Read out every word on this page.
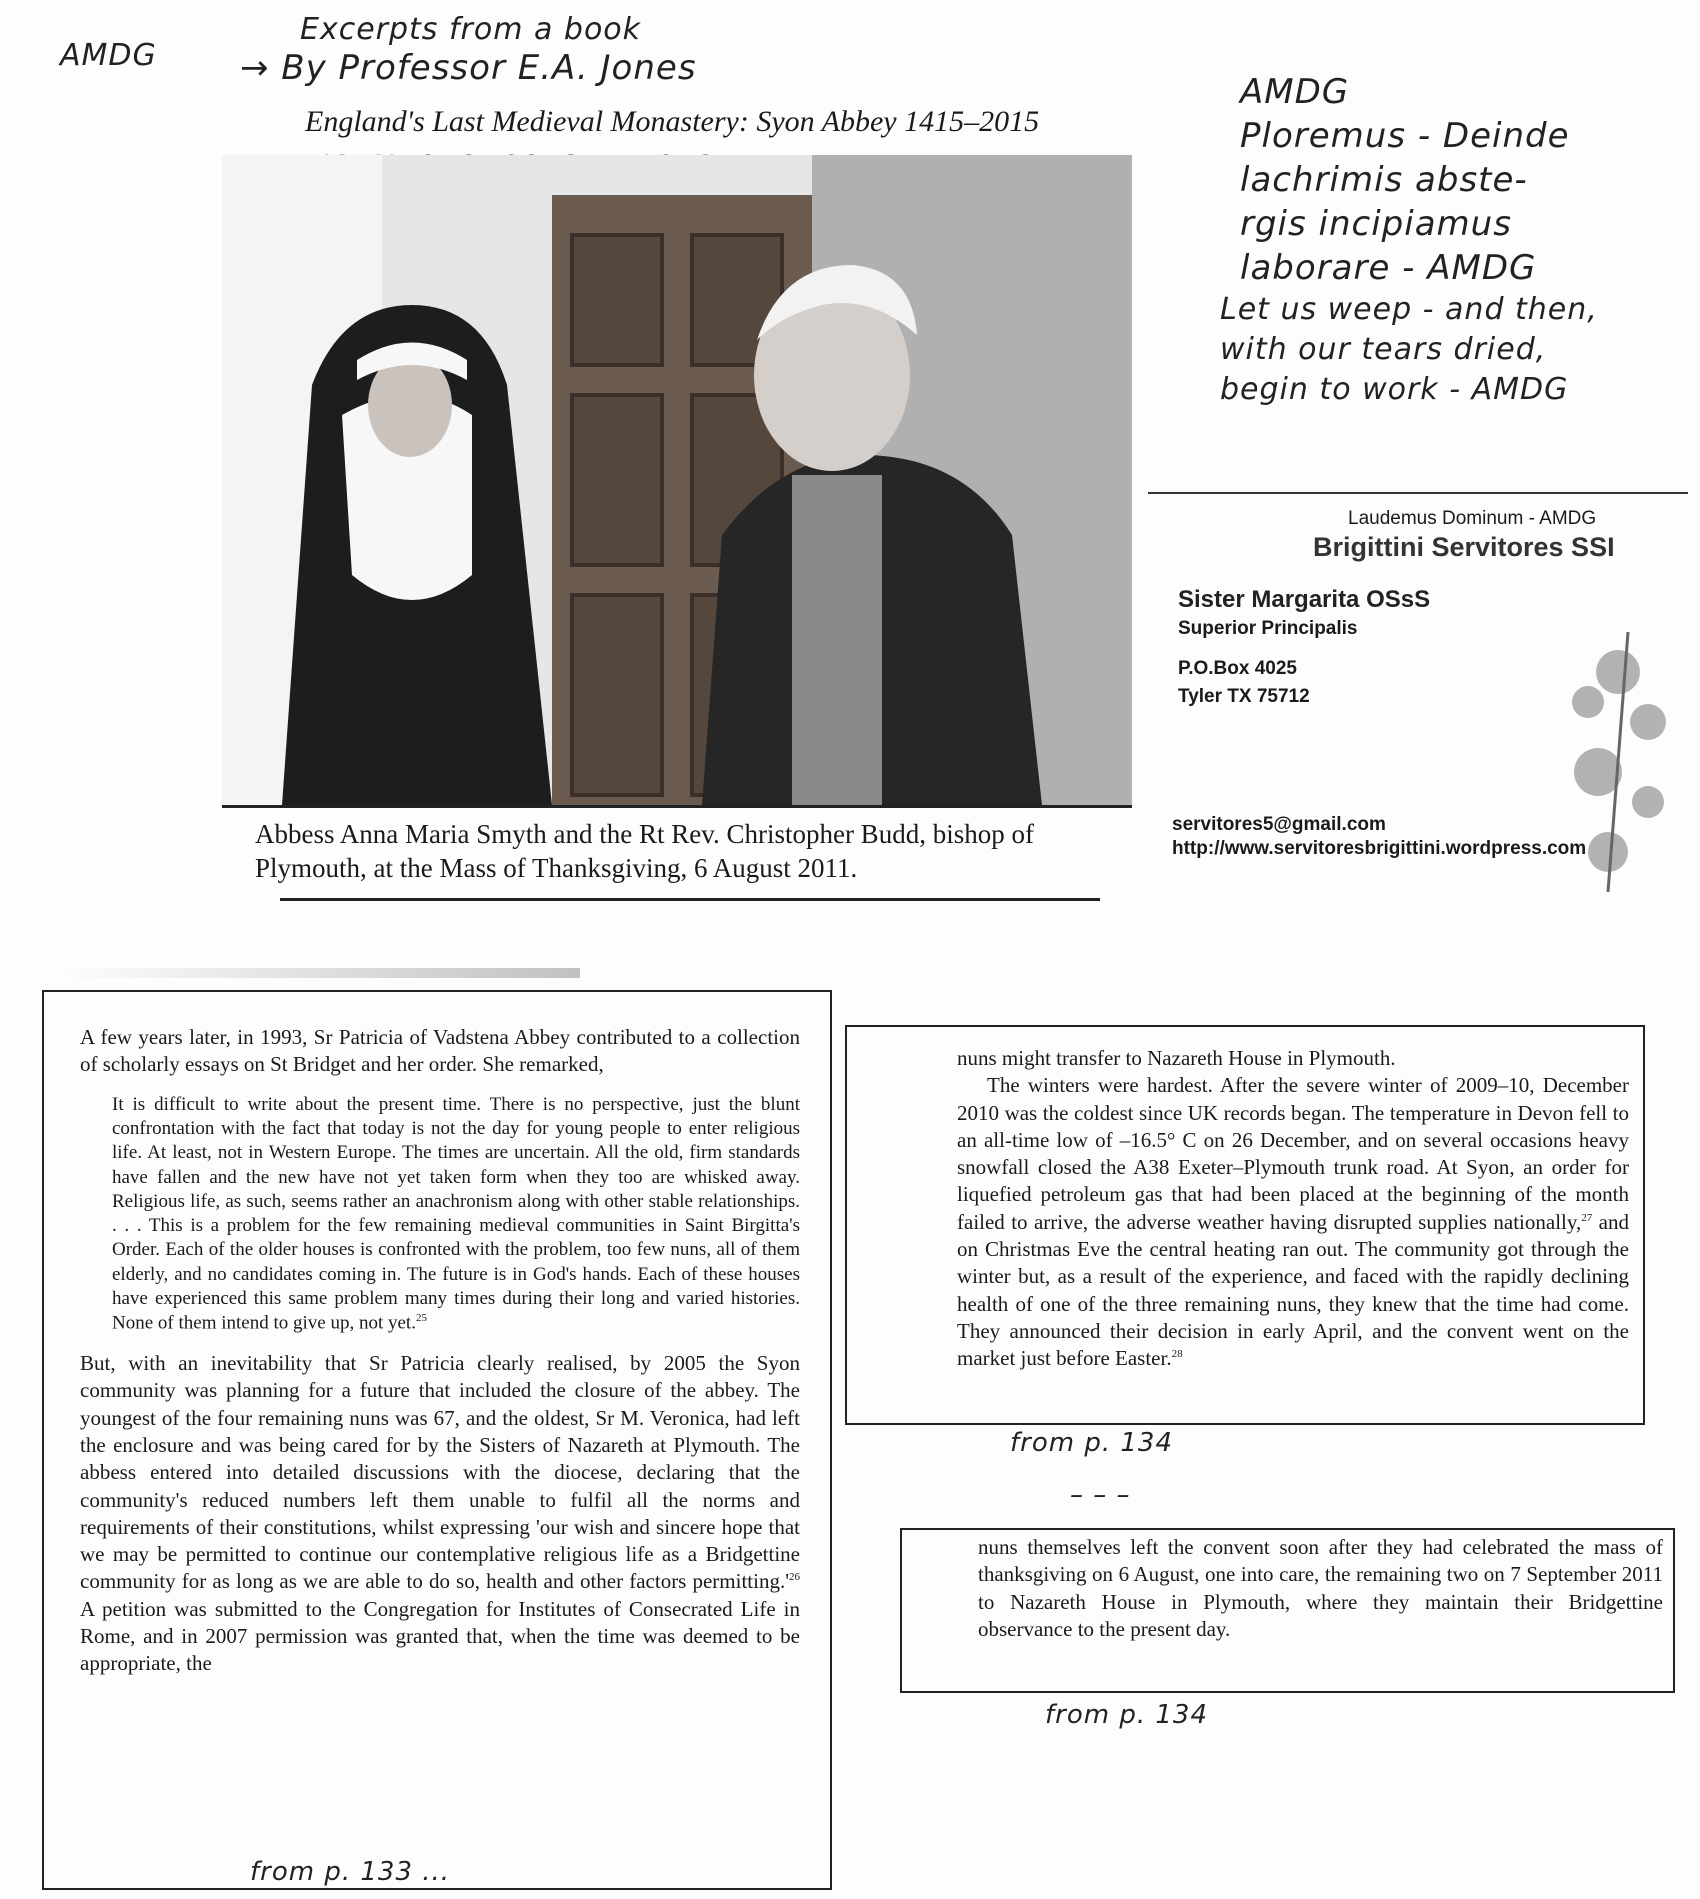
AMDG
Excerpts from a book
→ By Professor E.A. Jones
England's Last Medieval Monastery: Syon Abbey 1415–2015
AMDG
Ploremus - Deinde
lachrimis abste-
rgis incipiamus
laborare - AMDG
Let us weep - and then,
with our tears dried,
begin to work - AMDG
Abbess Anna Maria Smyth and the Rt Rev. Christopher Budd, bishop of Plymouth, at the Mass of Thanksgiving, 6 August 2011.
Laudemus Dominum - AMDG
Brigittini Servitores SSI
Sister Margarita OSsS
Superior Principalis
P.O.Box 4025
Tyler TX 75712
servitores5@gmail.com
http://www.servitoresbrigittini.wordpress.com

A few years later, in 1993, Sr Patricia of Vadstena Abbey contributed to a collection of scholarly essays on St Bridget and her order. She remarked,

It is difficult to write about the present time. There is no perspective, just the blunt confrontation with the fact that today is not the day for young people to enter religious life. At least, not in Western Europe. The times are uncertain. All the old, firm standards have fallen and the new have not yet taken form when they too are whisked away. Religious life, as such, seems rather an anachronism along with other stable relationships. . . . This is a problem for the few remaining medieval communities in Saint Birgitta's Order. Each of the older houses is confronted with the problem, too few nuns, all of them elderly, and no candidates coming in. The future is in God's hands. Each of these houses have experienced this same problem many times during their long and varied histories. None of them intend to give up, not yet.$^{25}$

But, with an inevitability that Sr Patricia clearly realised, by 2005 the Syon community was planning for a future that included the closure of the abbey. The youngest of the four remaining nuns was 67, and the oldest, Sr M. Veronica, had left the enclosure and was being cared for by the Sisters of Nazareth at Plymouth. The abbess entered into detailed discussions with the diocese, declaring that the community's reduced numbers left them unable to fulfil all the norms and requirements of their constitutions, whilst expressing 'our wish and sincere hope that we may be permitted to continue our contemplative religious life as a Bridgettine community for as long as we are able to do so, health and other factors $permitting.'^{26}$ A petition was submitted to the Congregation for Institutes of Consecrated Life in Rome, and in 2007 permission was granted that, when the time was deemed to be appropriate, the

from p. 133 ...

nuns might transfer to Nazareth House in Plymouth.

The winters were hardest. After the severe winter of 2009–10, December 2010 was the coldest since UK records began. The temperature in Devon fell to an all-time low of –16.5° C on 26 December, and on several occasions heavy snowfall closed the A38 Exeter–Plymouth trunk road. At Syon, an order for liquefied petroleum gas that had been placed at the beginning of the month failed to arrive, the adverse weather having disrupted supplies nationally,$^{27}$ and on Christmas Eve the central heating ran out. The community got through the winter but, as a result of the experience, and faced with the rapidly declining health of one of the three remaining nuns, they knew that the time had come. They announced their decision in early April, and the convent went on the market just before Easter.$^{28}$

from p. 134
– – –

nuns themselves left the convent soon after they had celebrated the mass of thanksgiving on 6 August, one into care, the remaining two on 7 September 2011 to Nazareth House in Plymouth, where they maintain their Bridgettine observance to the present day.

from p. 134
